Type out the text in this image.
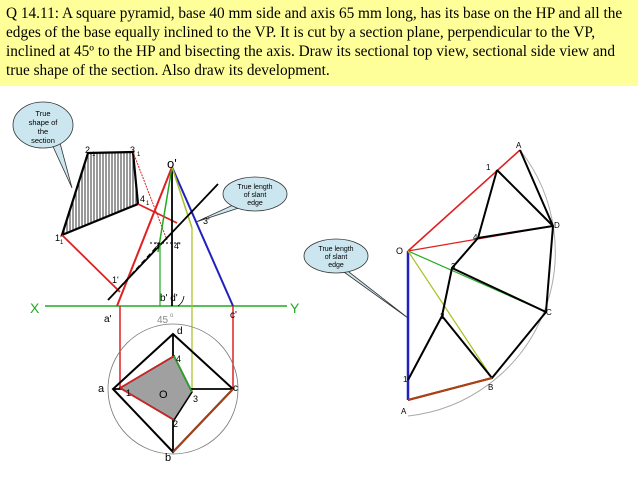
Q 14.11: A square pyramid, base 40 mm side and axis 65 mm long, has its base on the HP and all the edges of the base equally inclined to the VP. It is cut by a section plane, perpendicular to the VP, inclined at 45º to the HP and bisecting the axis. Draw its sectional top view, sectional side view and true shape of the section. Also draw its development.

True
shape of
the
section
True length
of slant
edge
True length
of slant
edge
2 1	3 1
4 1
1 1
X	Y
o'
b' d'
a'	c'
2' 4'
3'
1'
45 o
d
a	c
O
b
4
3
2
1
O
A
A
D
C
B
1
1
4
3
2
